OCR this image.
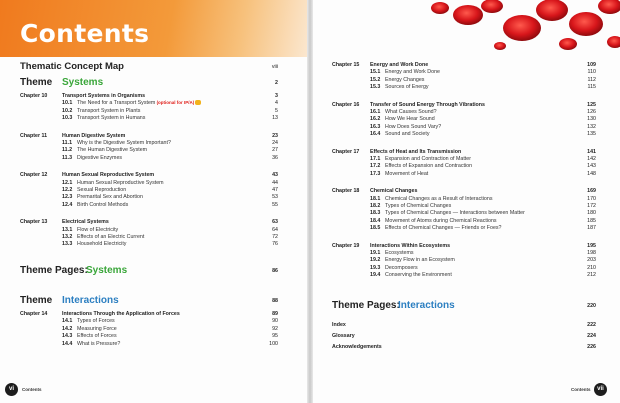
Contents
Thematic Concept Map	viii
Theme Systems	2
Chapter 10	Transport Systems in Organisms	3
10.1 The Need for a Transport System (optional for IP/A)	4
10.2 Transport System in Plants	5
10.3 Transport System in Humans	13
Chapter 11	Human Digestive System	23
11.1 Why is the Digestive System Important?	24
11.2 The Human Digestive System	27
11.3 Digestive Enzymes	36
Chapter 12	Human Sexual Reproductive System	43
12.1 Human Sexual Reproductive System	44
12.2 Sexual Reproduction	47
12.3 Premarital Sex and Abortion	53
12.4 Birth Control Methods	55
Chapter 13	Electrical Systems	63
13.1 Flow of Electricity	64
13.2 Effects of an Electric Current	72
13.3 Household Electricity	76
Theme Pages:
Systems	86
Theme Interactions	88
Chapter 14	Interactions Through the Application of Forces	89
14.1 Types of Forces	90
14.2 Measuring Force	92
14.3 Effects of Forces	95
14.4 What is Pressure?	100
vi	Contents
Chapter 15 Energy and Work Done	109
15.1 Energy and Work Done	110
15.2 Energy Changes	112
15.3 Sources of Energy	115
Chapter 16 Transfer of Sound Energy Through Vibrations	125
16.1 What Causes Sound?	126
16.2 How We Hear Sound	130
16.3 How Does Sound Vary?	132
16.4 Sound and Society	135
Chapter 17 Effects of Heat and Its Transmission	141
17.1 Expansion and Contraction of Matter	142
17.2 Effects of Expansion and Contraction	143
17.3 Movement of Heat	148
Chapter 18 Chemical Changes	169
18.1 Chemical Changes as a Result of Interactions	170
18.2 Types of Chemical Changes	172
18.3 Types of Chemical Changes — Interactions between Matter	180
18.4 Movement of Atoms during Chemical Reactions	185
18.5 Effects of Chemical Changes — Friends or Foes?	187
Chapter 19 Interactions Within Ecosystems	195
19.1 Ecosystems	198
19.2 Energy Flow in an Ecosystem	203
19.3 Decomposers	210
19.4 Conserving the Environment	212
Theme Pages:
Interactions	220
Index	222
Glossary	224
Acknowledgements	226
Contents	vii
